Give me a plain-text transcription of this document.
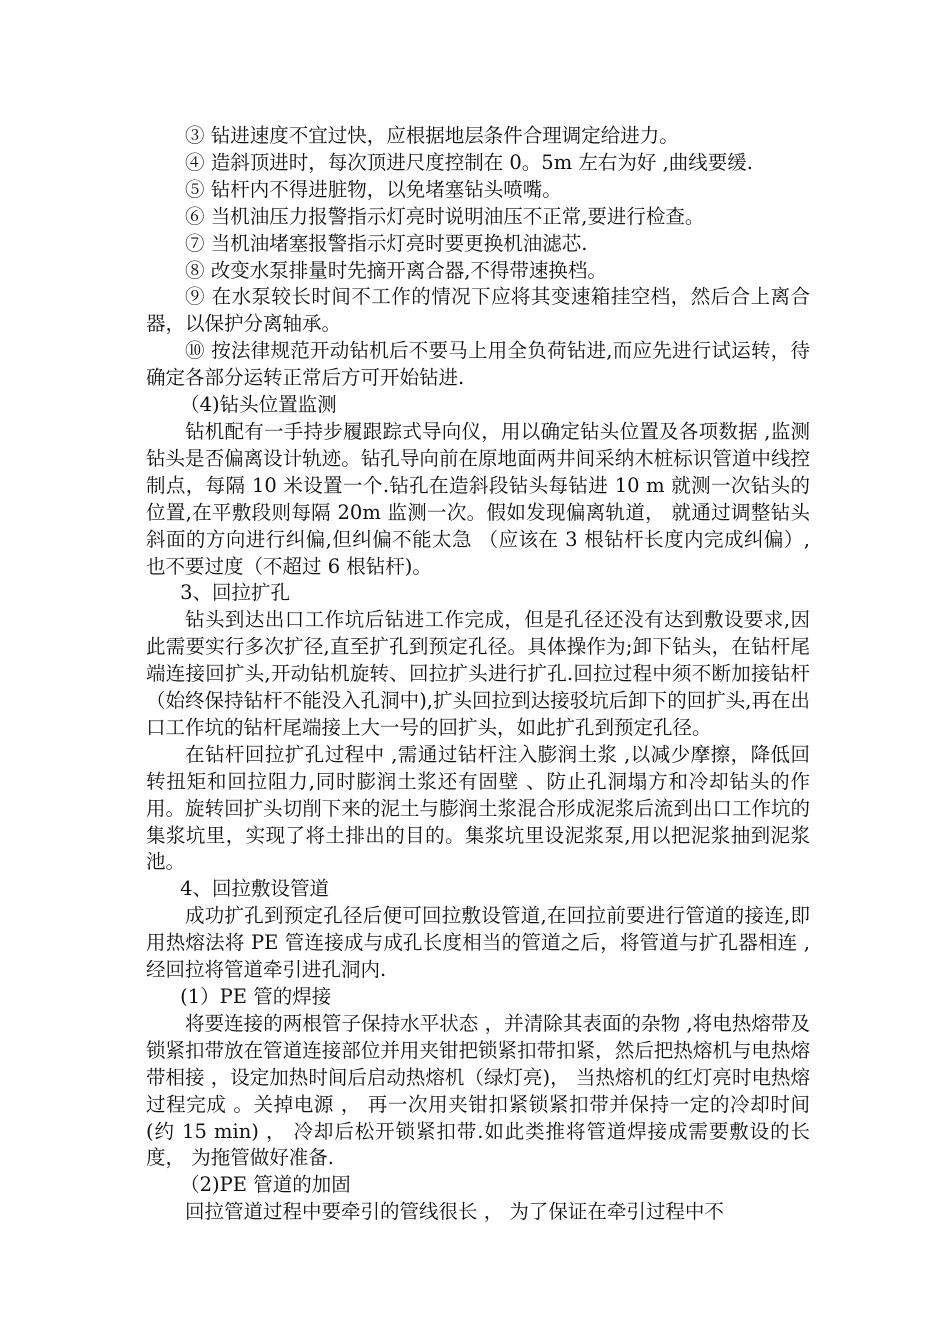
③ 钻进速度不宜过快，应根据地层条件合理调定给进力。

④ 造斜顶进时，每次顶进尺度控制在 0。5m 左右为好 ,曲线要缓.

⑤ 钻杆内不得进脏物，以免堵塞钻头喷嘴。

⑥ 当机油压力报警指示灯亮时说明油压不正常,要进行检查。

⑦ 当机油堵塞报警指示灯亮时要更换机油滤芯.

⑧ 改变水泵排量时先摘开离合器,不得带速换档。

⑨ 在水泵较长时间不工作的情况下应将其变速箱挂空档，然后合上离合器，以保护分离轴承。

⑩ 按法律规范开动钻机后不要马上用全负荷钻进,而应先进行试运转，待确定各部分运转正常后方可开始钻进.

（4)钻头位置监测

钻机配有一手持步履跟踪式导向仪，用以确定钻头位置及各项数据 ,监测钻头是否偏离设计轨迹。钻孔导向前在原地面两井间采纳木桩标识管道中线控制点，每隔 10 米设置一个.钻孔在造斜段钻头每钻进 10 m 就测一次钻头的位置,在平敷段则每隔 20m 监测一次。假如发现偏离轨道， 就通过调整钻头斜面的方向进行纠偏,但纠偏不能太急 （应该在 3 根钻杆长度内完成纠偏）,也不要过度（不超过 6 根钻杆)。

3、回拉扩孔

钻头到达出口工作坑后钻进工作完成，但是孔径还没有达到敷设要求,因此需要实行多次扩径,直至扩孔到预定孔径。具体操作为;卸下钻头，在钻杆尾端连接回扩头,开动钻机旋转、回拉扩头进行扩孔.回拉过程中须不断加接钻杆 （始终保持钻杆不能没入孔洞中),扩头回拉到达接驳坑后卸下的回扩头,再在出口工作坑的钻杆尾端接上大一号的回扩头，如此扩孔到预定孔径。

在钻杆回拉扩孔过程中 ,需通过钻杆注入膨润土浆 ,以减少摩擦，降低回转扭矩和回拉阻力,同时膨润土浆还有固壁 、防止孔洞塌方和冷却钻头的作用。旋转回扩头切削下来的泥土与膨润土浆混合形成泥浆后流到出口工作坑的集浆坑里，实现了将土排出的目的。集浆坑里设泥浆泵,用以把泥浆抽到泥浆池。

4、回拉敷设管道

成功扩孔到预定孔径后便可回拉敷设管道,在回拉前要进行管道的接连,即用热熔法将 PE 管连接成与成孔长度相当的管道之后，将管道与扩孔器相连 ,经回拉将管道牵引进孔洞内.

(1）PE 管的焊接

将要连接的两根管子保持水平状态 ，并清除其表面的杂物 ,将电热熔带及锁紧扣带放在管道连接部位并用夹钳把锁紧扣带扣紧，然后把热熔机与电热熔带相接 ，设定加热时间后启动热熔机（绿灯亮)， 当热熔机的红灯亮时电热熔过程完成 。关掉电源 ， 再一次用夹钳扣紧锁紧扣带并保持一定的冷却时间(约 15 min) ， 冷却后松开锁紧扣带.如此类推将管道焊接成需要敷设的长度， 为拖管做好准备.

（2)PE 管道的加固

回拉管道过程中要牵引的管线很长 ， 为了保证在牵引过程中不
